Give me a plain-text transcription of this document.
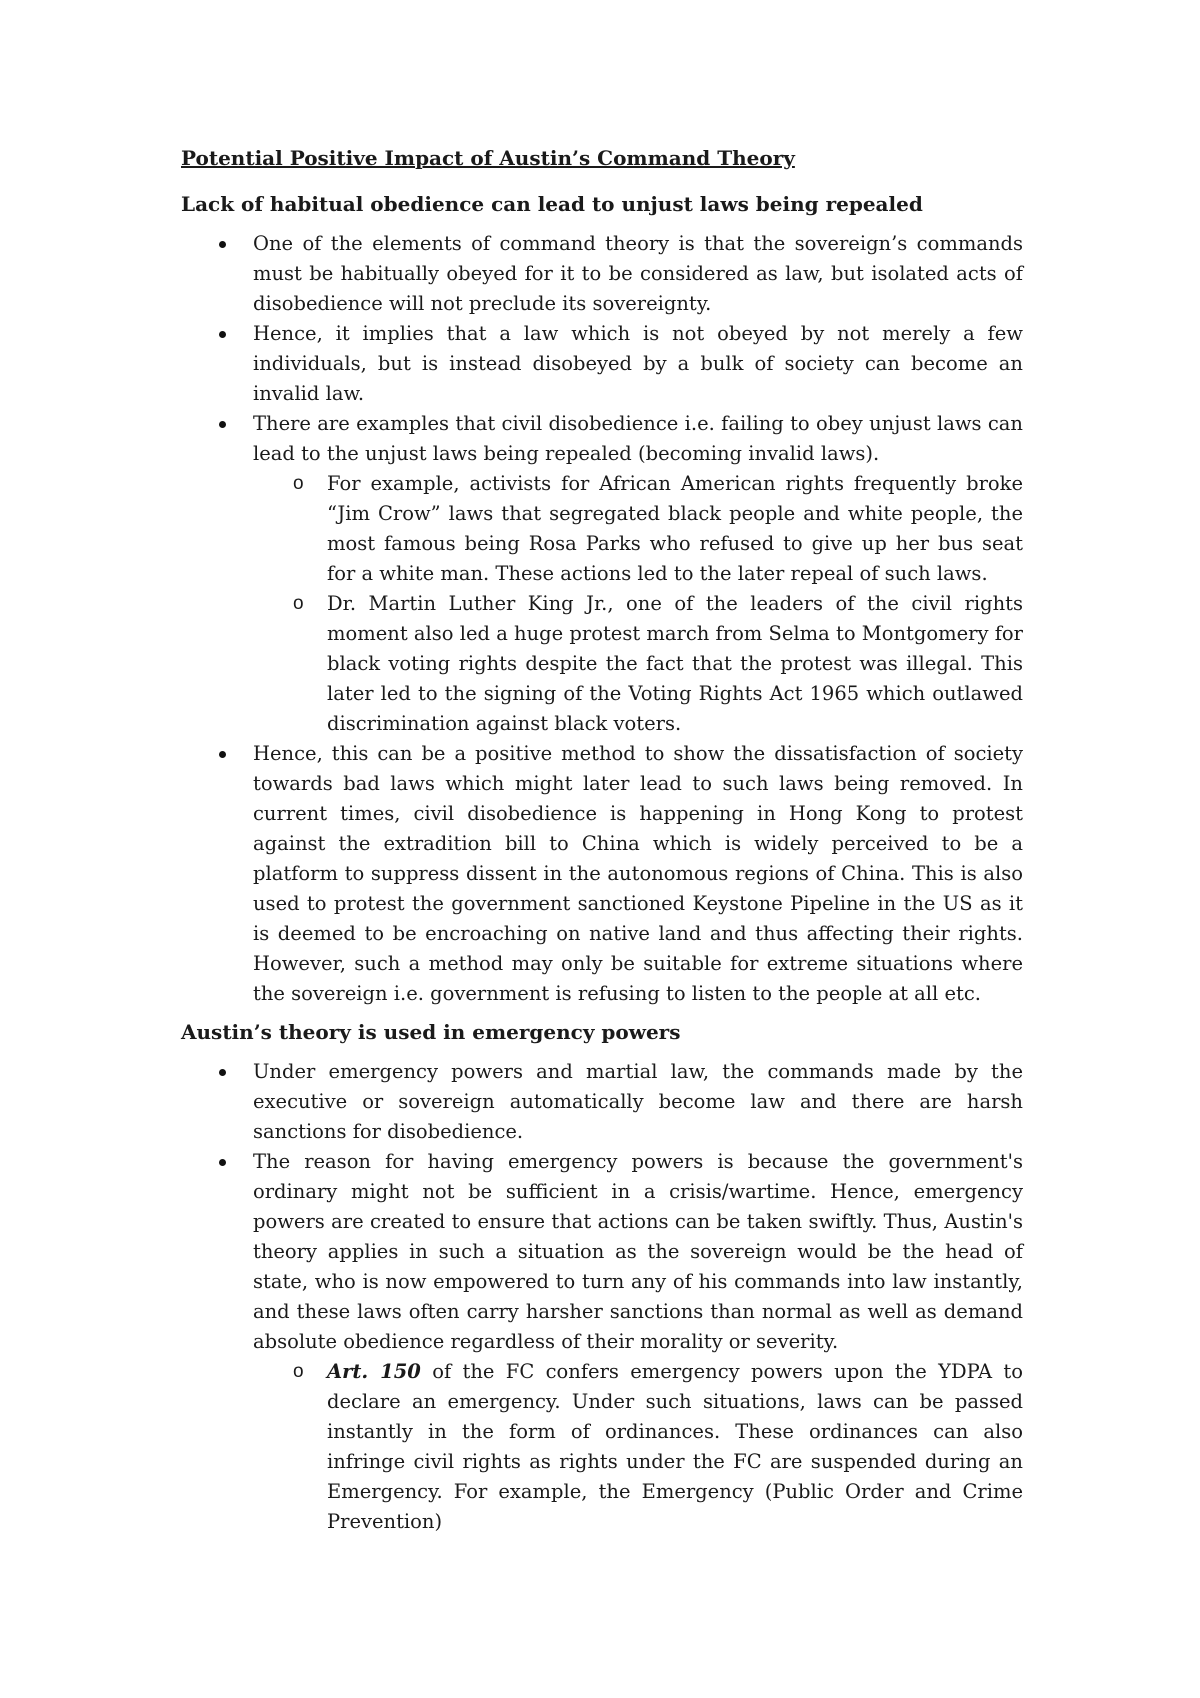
Potential Positive Impact of Austin’s Command Theory
Lack of habitual obedience can lead to unjust laws being repealed
One of the elements of command theory is that the sovereign’s commands must be habitually obeyed for it to be considered as law, but isolated acts of disobedience will not preclude its sovereignty.
Hence, it implies that a law which is not obeyed by not merely a few individuals, but is instead disobeyed by a bulk of society can become an invalid law.
There are examples that civil disobedience i.e. failing to obey unjust laws can lead to the unjust laws being repealed (becoming invalid laws).
o For example, activists for African American rights frequently broke “Jim Crow” laws that segregated black people and white people, the most famous being Rosa Parks who refused to give up her bus seat for a white man. These actions led to the later repeal of such laws.
o Dr. Martin Luther King Jr., one of the leaders of the civil rights moment also led a huge protest march from Selma to Montgomery for black voting rights despite the fact that the protest was illegal. This later led to the signing of the Voting Rights Act 1965 which outlawed discrimination against black voters.
Hence, this can be a positive method to show the dissatisfaction of society towards bad laws which might later lead to such laws being removed. In current times, civil disobedience is happening in Hong Kong to protest against the extradition bill to China which is widely perceived to be a platform to suppress dissent in the autonomous regions of China. This is also used to protest the government sanctioned Keystone Pipeline in the US as it is deemed to be encroaching on native land and thus affecting their rights. However, such a method may only be suitable for extreme situations where the sovereign i.e. government is refusing to listen to the people at all etc.
Austin’s theory is used in emergency powers
Under emergency powers and martial law, the commands made by the executive or sovereign automatically become law and there are harsh sanctions for disobedience.
The reason for having emergency powers is because the government's ordinary might not be sufficient in a crisis/wartime. Hence, emergency powers are created to ensure that actions can be taken swiftly. Thus, Austin's theory applies in such a situation as the sovereign would be the head of state, who is now empowered to turn any of his commands into law instantly, and these laws often carry harsher sanctions than normal as well as demand absolute obedience regardless of their morality or severity.
o Art. 150 of the FC confers emergency powers upon the YDPA to declare an emergency. Under such situations, laws can be passed instantly in the form of ordinances. These ordinances can also infringe civil rights as rights under the FC are suspended during an Emergency. For example, the Emergency (Public Order and Crime Prevention)
